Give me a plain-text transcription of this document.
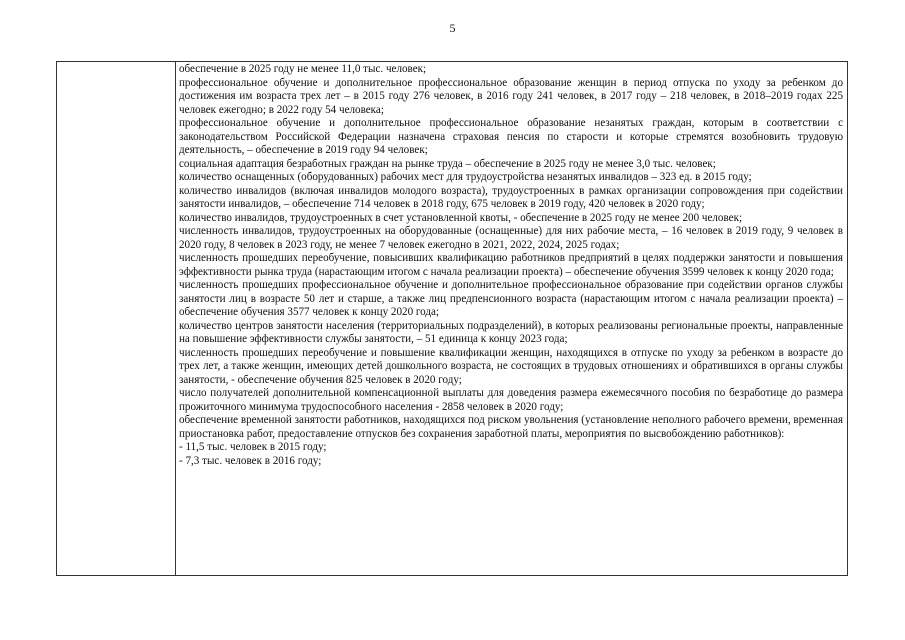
5

обеспечение в 2025 году не менее 11,0 тыс. человек;

профессиональное обучение и дополнительное профессиональное образование женщин в период отпуска по уходу за ребенком до достижения им возраста трех лет – в 2015 году 276 человек, в 2016 году 241 человек, в 2017 году – 218 человек, в 2018–2019 годах 225 человек ежегодно; в 2022 году 54 человека;

профессиональное обучение и дополнительное профессиональное образование незанятых граждан, которым в соответствии с законодательством Российской Федерации назначена страховая пенсия по старости и которые стремятся возобновить трудовую деятельность, – обеспечение в 2019 году 94 человек;

социальная адаптация безработных граждан на рынке труда – обеспечение в 2025 году не менее 3,0 тыс. человек;

количество оснащенных (оборудованных) рабочих мест для трудоустройства незанятых инвалидов – 323 ед. в 2015 году;

количество инвалидов (включая инвалидов молодого возраста), трудоустроенных в рамках организации сопровождения при содействии занятости инвалидов, – обеспечение 714 человек в 2018 году, 675 человек в 2019 году, 420 человек в 2020 году;

количество инвалидов, трудоустроенных в счет установленной квоты, - обеспечение в 2025 году не менее 200 человек;

численность инвалидов, трудоустроенных на оборудованные (оснащенные) для них рабочие места, – 16 человек в 2019 году, 9 человек в 2020 году, 8 человек в 2023 году, не менее 7 человек ежегодно в 2021, 2022, 2024, 2025 годах;

численность прошедших переобучение, повысивших квалификацию работников предприятий в целях поддержки занятости и повышения эффективности рынка труда (нарастающим итогом с начала реализации проекта) – обеспечение обучения 3599 человек к концу 2020 года;

численность прошедших профессиональное обучение и дополнительное профессиональное образование при содействии органов службы занятости лиц в возрасте 50 лет и старше, а также лиц предпенсионного возраста (нарастающим итогом с начала реализации проекта) – обеспечение обучения 3577 человек к концу 2020 года;

количество центров занятости населения (территориальных подразделений), в которых реализованы региональные проекты, направленные на повышение эффективности службы занятости, – 51 единица к концу 2023 года;

численность прошедших переобучение и повышение квалификации женщин, находящихся в отпуске по уходу за ребенком в возрасте до трех лет, а также женщин, имеющих детей дошкольного возраста, не состоящих в трудовых отношениях и обратившихся в органы службы занятости, - обеспечение обучения 825 человек в 2020 году;

число получателей дополнительной компенсационной выплаты для доведения размера ежемесячного пособия по безработице до размера прожиточного минимума трудоспособного населения - 2858 человек в 2020 году;

обеспечение временной занятости работников, находящихся под риском увольнения (установление неполного рабочего времени, временная приостановка работ, предоставление отпусков без сохранения заработной платы, мероприятия по высвобождению работников):

- 11,5 тыс. человек в 2015 году;

- 7,3 тыс. человек в 2016 году;
